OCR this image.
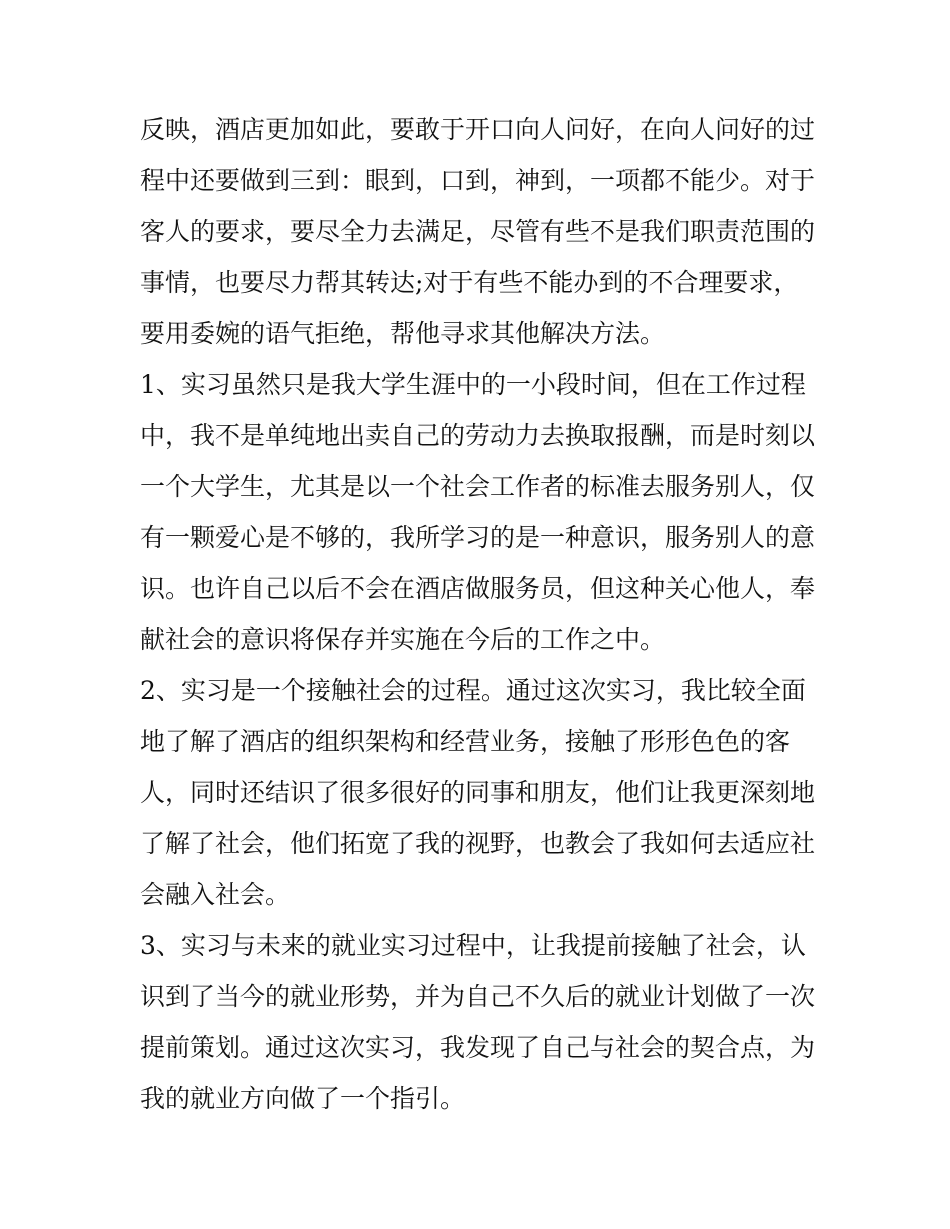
反映，酒店更加如此，要敢于开口向人问好，在向人问好的过
程中还要做到三到：眼到，口到，神到，一项都不能少。对于
客人的要求，要尽全力去满足，尽管有些不是我们职责范围的
事情，也要尽力帮其转达;对于有些不能办到的不合理要求，
要用委婉的语气拒绝，帮他寻求其他解决方法。
1、实习虽然只是我大学生涯中的一小段时间，但在工作过程
中，我不是单纯地出卖自己的劳动力去换取报酬，而是时刻以
一个大学生，尤其是以一个社会工作者的标准去服务别人，仅
有一颗爱心是不够的，我所学习的是一种意识，服务别人的意
识。也许自己以后不会在酒店做服务员，但这种关心他人，奉
献社会的意识将保存并实施在今后的工作之中。
2、实习是一个接触社会的过程。通过这次实习，我比较全面
地了解了酒店的组织架构和经营业务，接触了形形色色的客
人，同时还结识了很多很好的同事和朋友，他们让我更深刻地
了解了社会，他们拓宽了我的视野，也教会了我如何去适应社
会融入社会。
3、实习与未来的就业实习过程中，让我提前接触了社会，认
识到了当今的就业形势，并为自己不久后的就业计划做了一次
提前策划。通过这次实习，我发现了自己与社会的契合点，为
我的就业方向做了一个指引。
